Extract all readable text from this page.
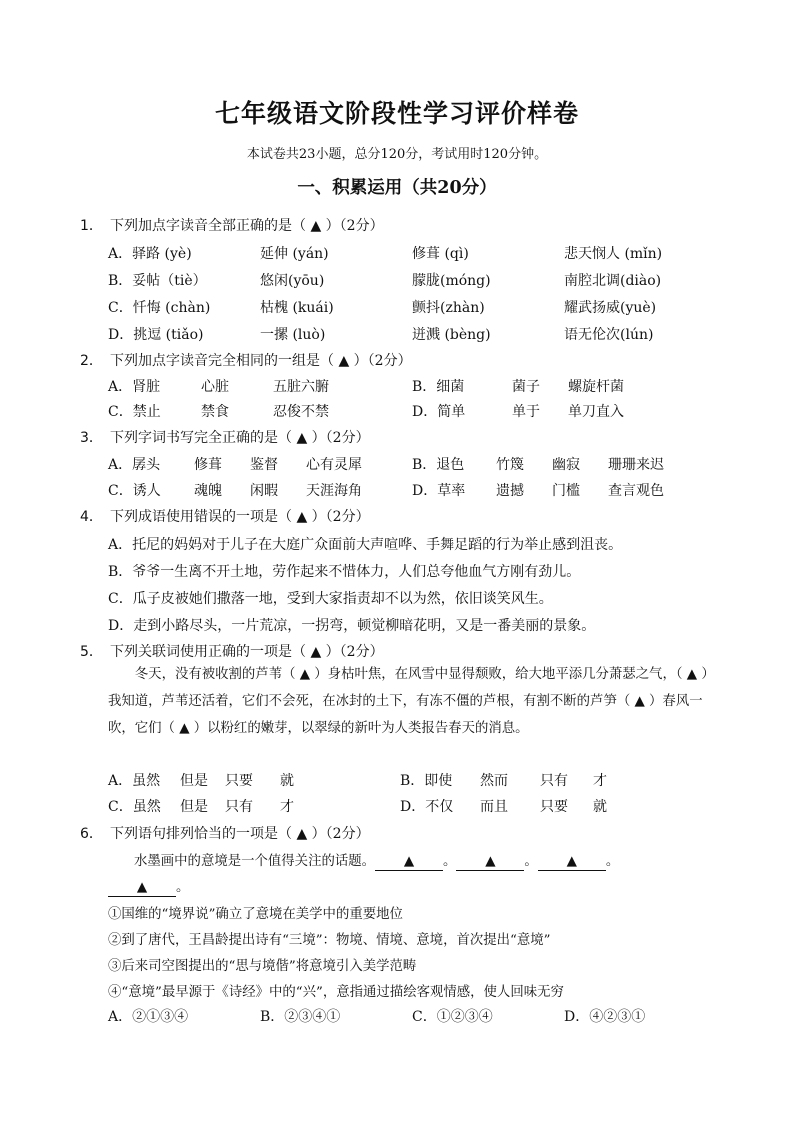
七年级语文阶段性学习评价样卷
本试卷共23小题，总分120分，考试用时120分钟。
一、积累运用（共20分）
1． 下列加点字读音全部正确的是（ ▲ ）（2分）
A．驿路 (yè)	延伸 (yán)	修葺 (qì)	悲天悯人 (mǐn)
B．妥帖（tiè）	悠闲(yōu)	朦胧(móng)	南腔北调(diào)
C．忏悔 (chàn)	枯槐 (kuái)	颤抖(zhàn)	耀武扬威(yuè)
D．挑逗 (tiǎo)	一摞 (luò)	迸溅 (bèng)	语无伦次(lún)
2． 下列加点字读音完全相同的一组是（ ▲ ）（2分）
A．肾脏	心脏	五脏六腑	B．细菌	菌子 螺旋杆菌
C．禁止	禁食	忍俊不禁	D．简单	单于 单刀直入
3． 下列字词书写完全正确的是（ ▲ ）（2分）
A．孱头 修葺 鉴督 心有灵犀	B．退色 竹篾 幽寂 珊珊来迟
C．诱人 魂魄 闲暇 天涯海角	D．草率 遗撼 门槛 查言观色
4． 下列成语使用错误的一项是（ ▲ ）（2分）
A．托尼的妈妈对于儿子在大庭广众面前大声喧哗、手舞足蹈的行为举止感到沮丧。
B．爷爷一生离不开土地，劳作起来不惜体力，人们总夸他血气方刚有劲儿。
C．瓜子皮被她们撒落一地，受到大家指责却不以为然，依旧谈笑风生。
D．走到小路尽头，一片荒凉，一拐弯，顿觉柳暗花明，又是一番美丽的景象。
5． 下列关联词使用正确的一项是（ ▲ ）（2分）

冬天，没有被收割的芦苇（ ▲ ）身枯叶焦，在风雪中显得颓败，给大地平添几分萧瑟之气，（ ▲ ）我知道，芦苇还活着，它们不会死，在冰封的土下，有冻不僵的芦根，有割不断的芦笋（ ▲ ）春风一吹，它们（ ▲ ）以粉红的嫩芽，以翠绿的新叶为人类报告春天的消息。

A．虽然 但是 只要 就	B．即使 然而 只有 才
C．虽然 但是 只有 才	D．不仅 而且 只要 就
6． 下列语句排列恰当的一项是（ ▲ ）（2分）
水墨画中的意境是一个值得关注的话题。 ▲ 。 ▲ 。 ▲ 。
▲ 。
①国维的“境界说”确立了意境在美学中的重要地位
②到了唐代，王昌龄提出诗有“三境”：物境、情境、意境，首次提出“意境”
③后来司空图提出的“思与境偕”将意境引入美学范畴
④“意境”最早源于《诗经》中的“兴”，意指通过描绘客观情感，使人回味无穷
A．②①③④	B．②③④①	C．①②③④	D．④②③①
